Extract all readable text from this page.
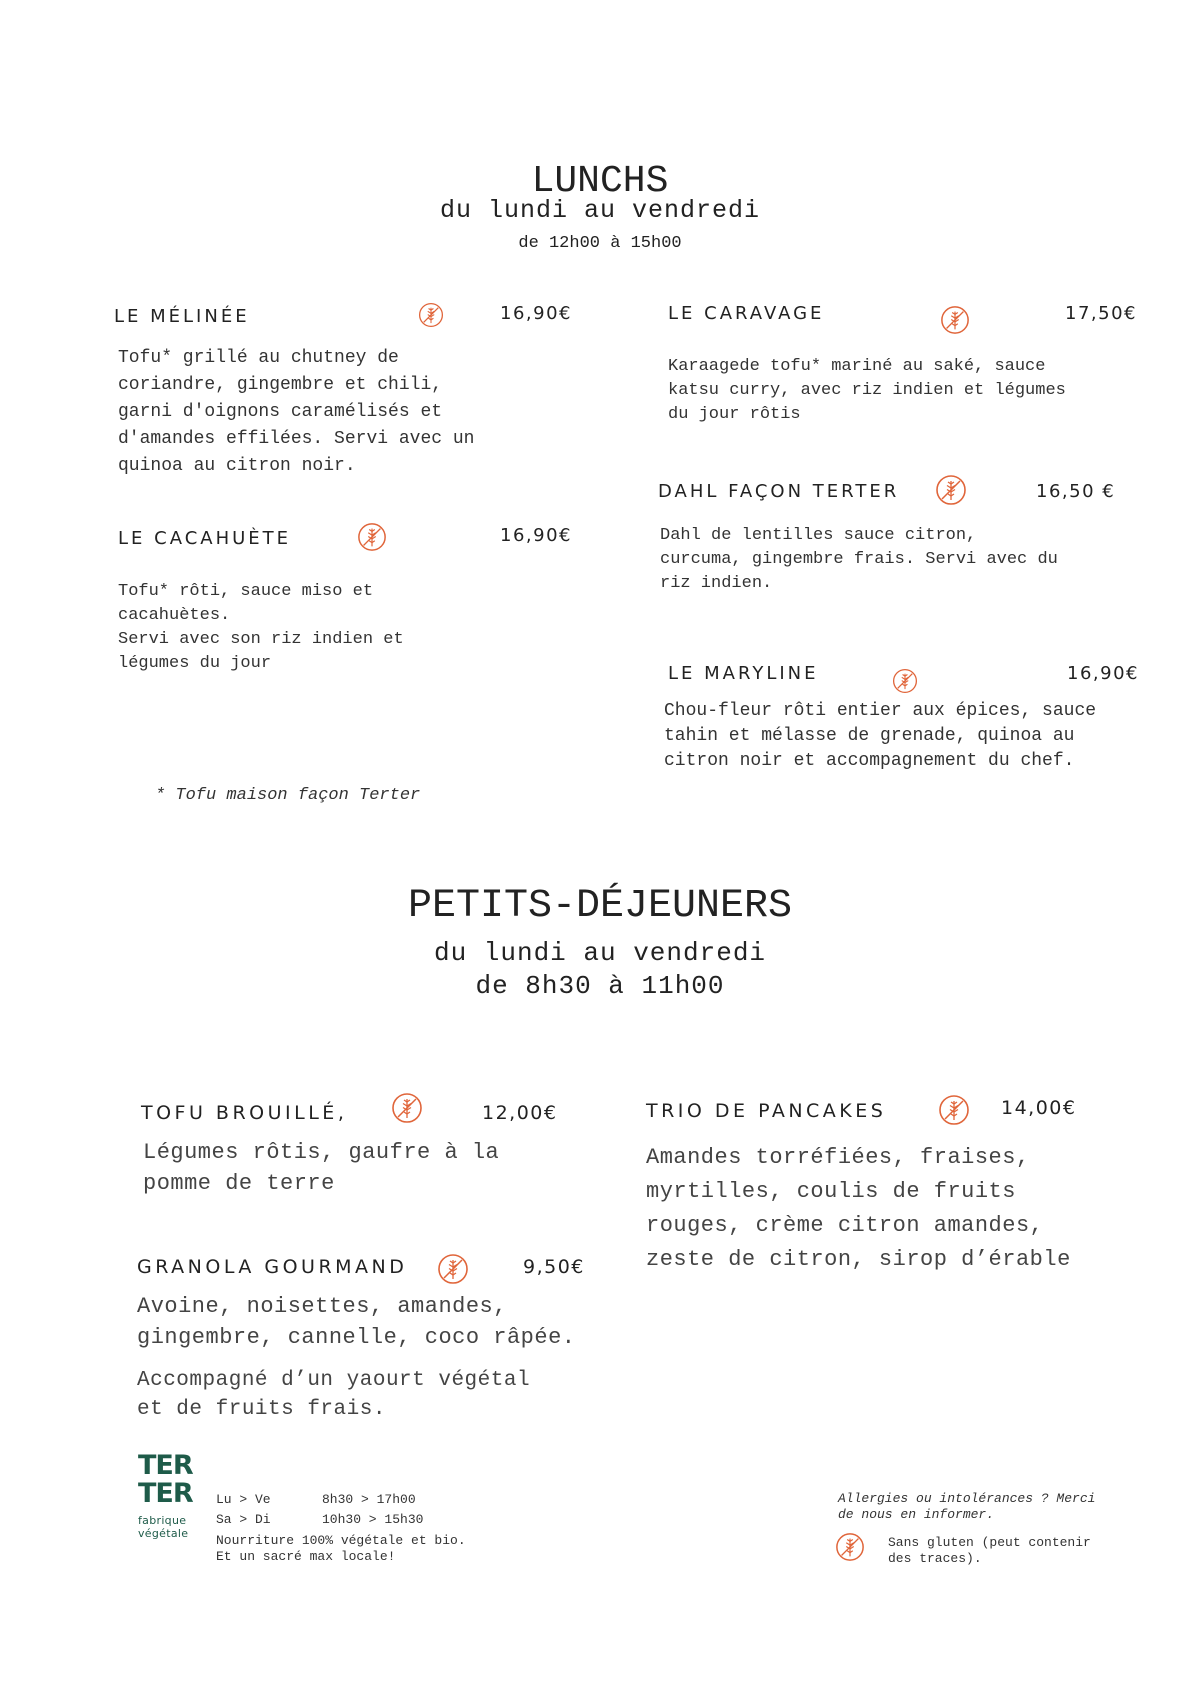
LUNCHS
du lundi au vendredi
de 12h00 à 15h00
LE MÉLINÉE	16,90€
Tofu* grillé au chutney de
coriandre, gingembre et chili,
garni d'oignons caramélisés et
d'amandes effilées. Servi avec un
quinoa au citron noir.
LE CACAHUÈTE	16,90€
Tofu* rôti, sauce miso et
cacahuètes.
Servi avec son riz indien et
légumes du jour
LE CARAVAGE	17,50€
Karaagede tofu* mariné au saké, sauce
katsu curry, avec riz indien et légumes
du jour rôtis
DAHL FAÇON TERTER	16,50 €
Dahl de lentilles sauce citron,
curcuma, gingembre frais. Servi avec du
riz indien.
LE MARYLINE	16,90€
Chou-fleur rôti entier aux épices, sauce
tahin et mélasse de grenade, quinoa au
citron noir et accompagnement du chef.
* Tofu maison façon Terter
PETITS-DÉJEUNERS
du lundi au vendredi
de 8h30 à 11h00
TOFU BROUILLÉ,	12,00€
Légumes rôtis, gaufre à la
pomme de terre
GRANOLA GOURMAND	9,50€
Avoine, noisettes, amandes,
gingembre, cannelle, coco râpée.
Accompagné d’un yaourt végétal
et de fruits frais.
TRIO DE PANCAKES	14,00€
Amandes torréfiées, fraises,
myrtilles, coulis de fruits
rouges, crème citron amandes,
zeste de citron, sirop d’érable
TER
TER
fabrique
végétale
Lu > Ve	8h30 > 17h00
Sa > Di	10h30 > 15h30
Nourriture 100% végétale et bio.
Et un sacré max locale!
Allergies ou intolérances ? Merci
de nous en informer.
Sans gluten (peut contenir
des traces).
